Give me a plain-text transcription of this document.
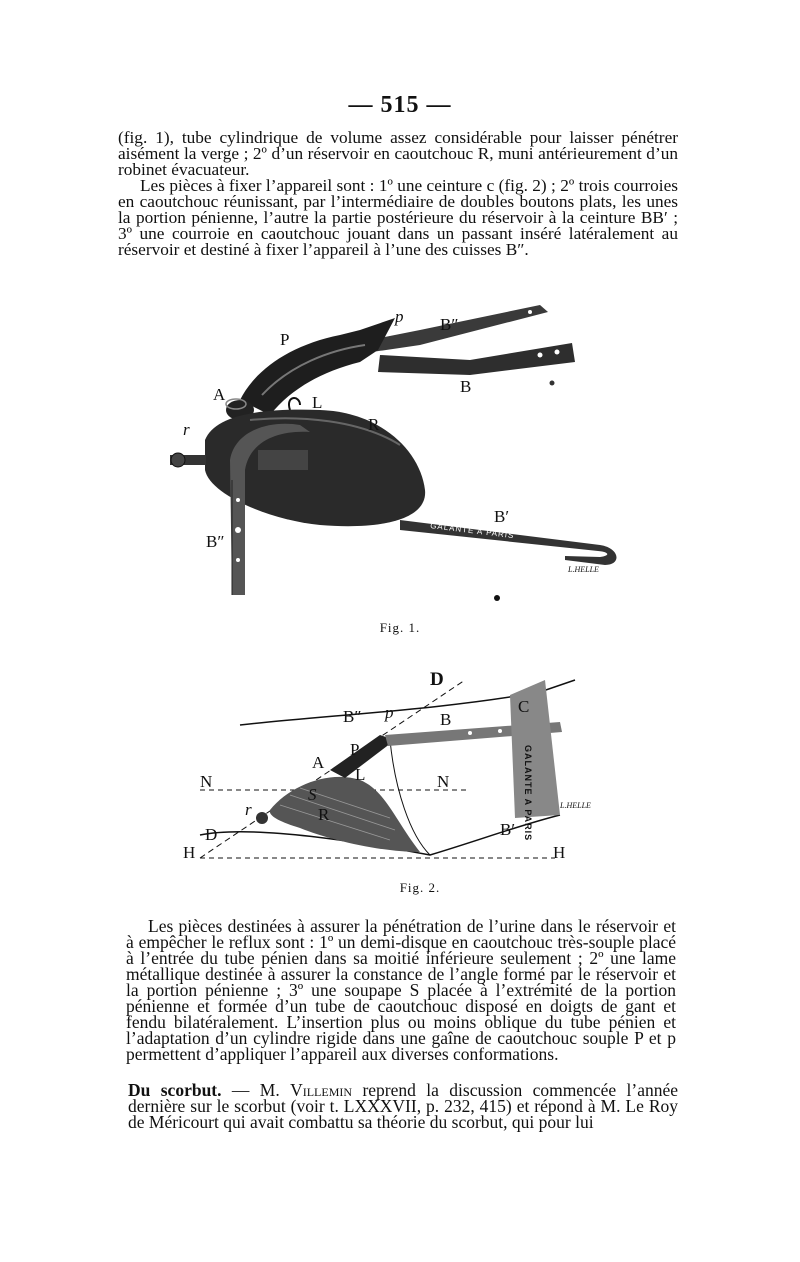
— 515 —

(fig. 1), tube cylindrique de volume assez considérable pour laisser pénétrer aisément la verge ; 2º d’un réservoir en caoutchouc R, muni antérieurement d’un robinet évacuateur.

Les pièces à fixer l’appareil sont : 1º une ceinture c (fig. 2) ; 2º trois courroies en caoutchouc réunissant, par l’intermédiaire de doubles boutons plats, les unes la portion pénienne, l’autre la partie postérieure du réservoir à la ceinture BB′ ; 3º une courroie en caoutchouc jouant dans un passant inséré latéralement au réservoir et destiné à fixer l’appareil à l’une des cuisses B″.

GALANTE A PARIS
L.HELLE
P
p B″
B
A	L
R
r
B′
B″
Fig. 1.
GALANTE A PARIS	L.HELLE
D
B″ p	B
C
P
A
L
N	N
r
S
R
D
H	H
B′
Fig. 2.

Les pièces destinées à assurer la pénétration de l’urine dans le réservoir et à empêcher le reflux sont : 1º un demi-disque en caoutchouc très-souple placé à l’entrée du tube pénien dans sa moitié inférieure seulement ; 2º une lame métallique destinée à assurer la constance de l’angle formé par le réservoir et la portion pénienne ; 3º une soupape S placée à l’extrémité de la portion pénienne et formée d’un tube de caoutchouc disposé en doigts de gant et fendu bilatéralement. L’insertion plus ou moins oblique du tube pénien et l’adaptation d’un cylindre rigide dans une gaîne de caoutchouc souple P et p permettent d’appliquer l’appareil aux diverses conformations.

Du scorbut. — M. Villemin reprend la discussion commencée l’année dernière sur le scorbut (voir t. LXXXVII, p. 232, 415) et répond à M. Le Roy de Méricourt qui avait combattu sa théorie du scorbut, qui pour lui
